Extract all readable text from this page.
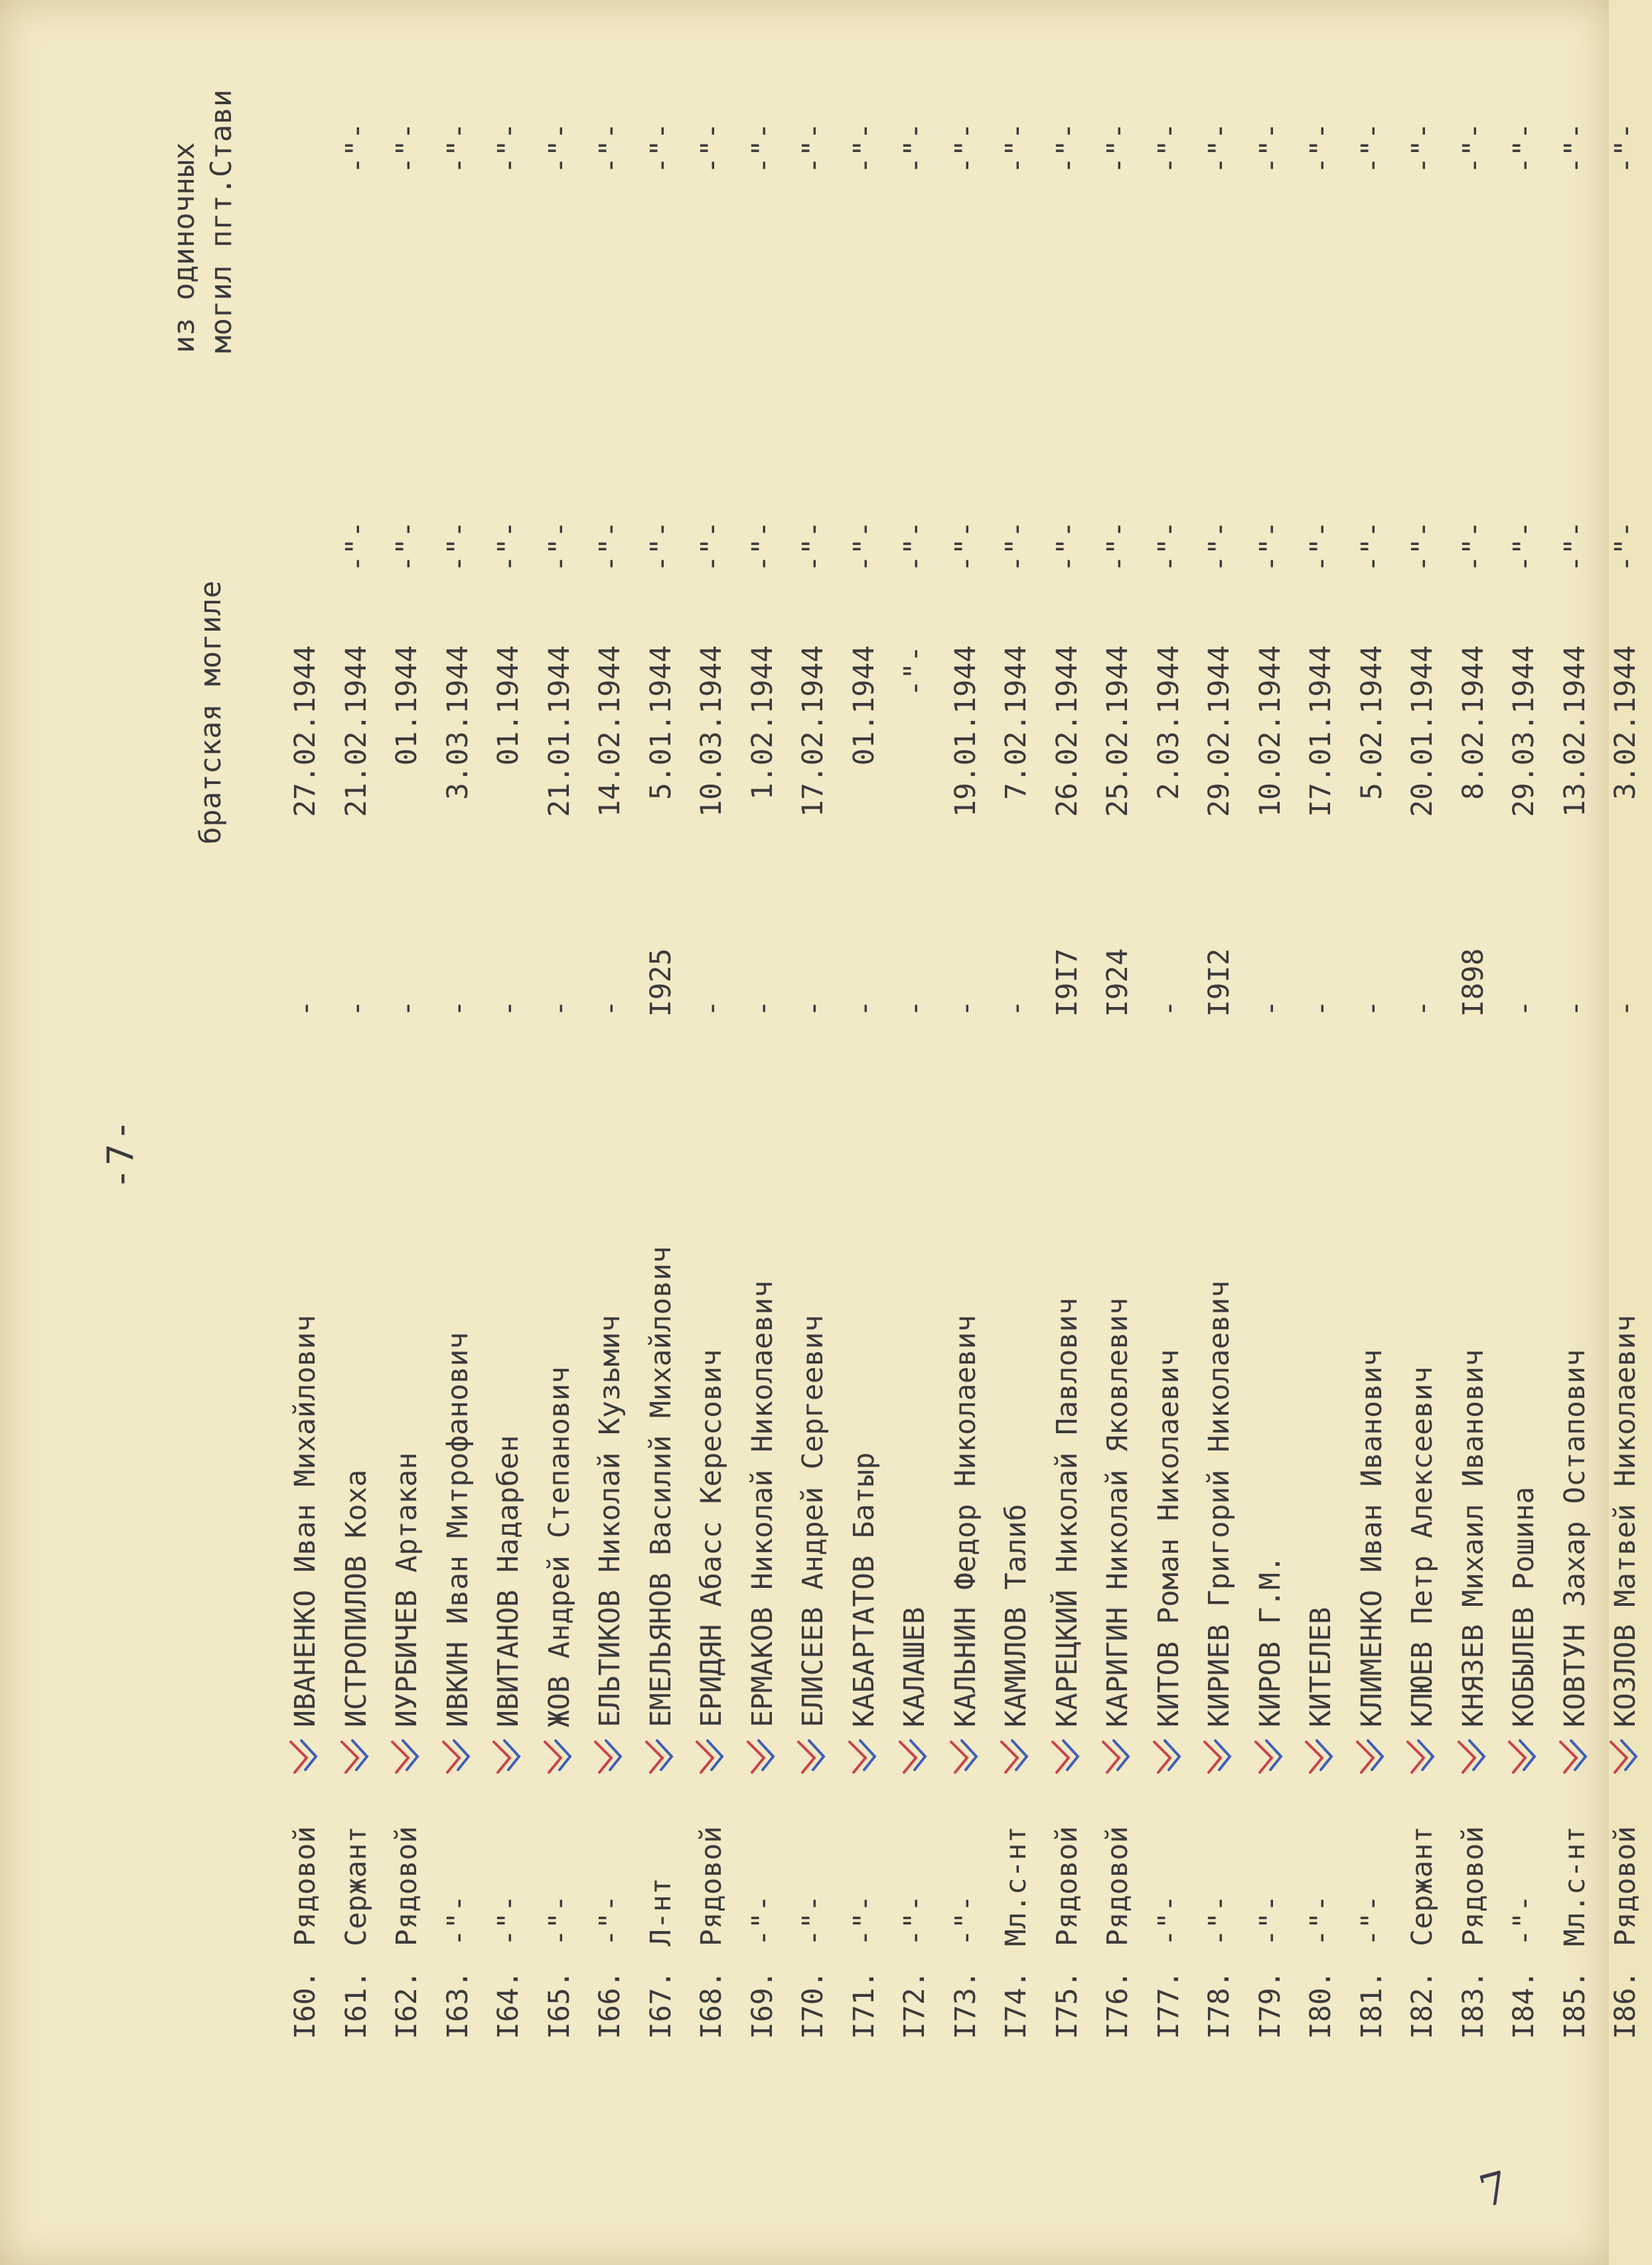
-7-
братская могиле
из одиночных могил пгт.Стави
I60.
Рядовой
ИВАНЕНКО Иван Михайлович
-
27.02.1944
I61.
Сержант
ИСТРОПИЛОВ Коха
-
21.02.1944
-"-
-"-
I62.
Рядовой
ИУРБИЧЕВ Артакан
-
01.1944
-"-
-"-
I63.
-"-
ИВКИН Иван Митрофанович
-
3.03.1944
-"-
-"-
I64.
-"-
ИВИТАНОВ Надарбен
-
01.1944
-"-
-"-
I65.
-"-
ЖОВ Андрей Степанович
-
21.01.1944
-"-
-"-
I66.
-"-
ЕЛЬТИКОВ Николай Кузьмич
-
14.02.1944
-"-
-"-
I67.
Л-нт
ЕМЕЛЬЯНОВ Василий Михайлович
I925
5.01.1944
-"-
-"-
I68.
Рядовой
ЕРИДЯН Абасс Кересович
-
10.03.1944
-"-
-"-
I69.
-"-
ЕРМАКОВ Николай Николаевич
-
1.02.1944
-"-
-"-
I70.
-"-
ЕЛИСЕЕВ Андрей Сергеевич
-
17.02.1944
-"-
-"-
I71.
-"-
КАБАРТАТОВ Батыр
-
01.1944
-"-
-"-
I72.
-"-
КАЛАШЕВ
-
-"-
-"-
-"-
I73.
-"-
КАЛЬНИН Федор Николаевич
-
19.01.1944
-"-
-"-
I74.
Мл.с-нт
КАМИЛОВ Талиб
-
7.02.1944
-"-
-"-
I75.
Рядовой
КАРЕЦКИЙ Николай Павлович
I9I7
26.02.1944
-"-
-"-
I76.
Рядовой
КАРИГИН Николай Яковлевич
I924
25.02.1944
-"-
-"-
I77.
-"-
КИТОВ Роман Николаевич
-
2.03.1944
-"-
-"-
I78.
-"-
КИРИЕВ Григорий Николаевич
I9I2
29.02.1944
-"-
-"-
I79.
-"-
КИРОВ Г.М.
-
10.02.1944
-"-
-"-
I80.
-"-
КИТЕЛЕВ
-
I7.01.1944
-"-
-"-
I81.
-"-
КЛИМЕНКО Иван Иванович
-
5.02.1944
-"-
-"-
I82.
Сержант
КЛЮЕВ Петр Алексеевич
-
20.01.1944
-"-
-"-
I83.
Рядовой
КНЯЗЕВ Михаил Иванович
I898
8.02.1944
-"-
-"-
I84.
-"-
КОБЫЛЕВ Рошина
-
29.03.1944
-"-
-"-
I85.
Мл.с-нт
КОВТУН Захар Остапович
-
13.02.1944
-"-
-"-
I86.
Рядовой
КОЗЛОВ Матвей Николаевич
-
3.02.1944
-"-
-"-
7
